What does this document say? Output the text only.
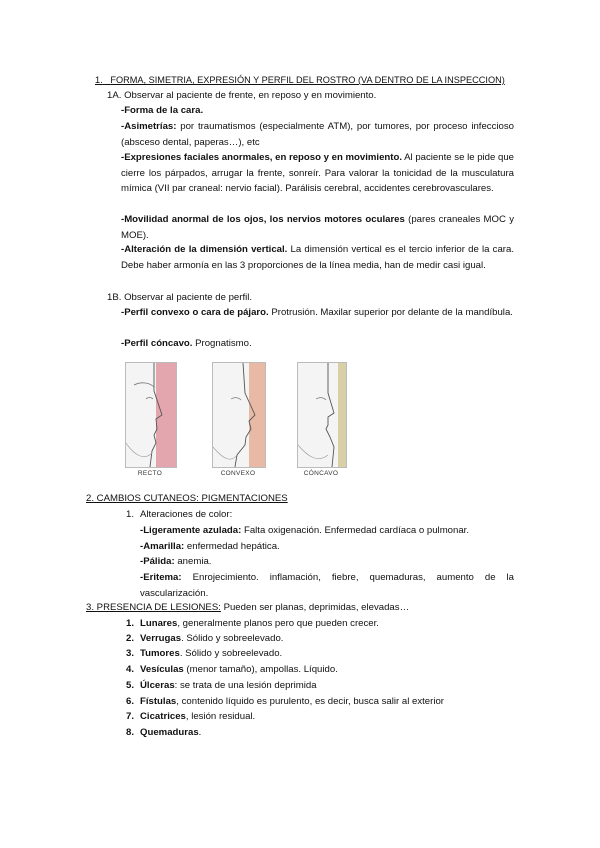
1. FORMA, SIMETRIA, EXPRESIÓN Y PERFIL DEL ROSTRO (VA DENTRO DE LA INSPECCION)
1A. Observar al paciente de frente, en reposo y en movimiento.
-Forma de la cara.
-Asimetrías: por traumatismos (especialmente ATM), por tumores, por proceso infeccioso (absceso dental, paperas…), etc
-Expresiones faciales anormales, en reposo y en movimiento. Al paciente se le pide que cierre los párpados, arrugar la frente, sonreír. Para valorar la tonicidad de la musculatura mímica (VII par craneal: nervio facial). Parálisis cerebral, accidentes cerebrovasculares.
-Movilidad anormal de los ojos, los nervios motores oculares (pares craneales MOC y MOE).
-Alteración de la dimensión vertical. La dimensión vertical es el tercio inferior de la cara. Debe haber armonía en las 3 proporciones de la línea media, han de medir casi igual.
1B. Observar al paciente de perfil.
-Perfil convexo o cara de pájaro. Protrusión. Maxilar superior por delante de la mandíbula.
-Perfil cóncavo. Prognatismo.
RECTO	CONVEXO	CÓNCAVO
2. CAMBIOS CUTANEOS: PIGMENTACIONES
1. Alteraciones de color:
-Ligeramente azulada: Falta oxigenación. Enfermedad cardíaca o pulmonar.
-Amarilla: enfermedad hepática.
-Pálida: anemia.
-Eritema: Enrojecimiento. inflamación, fiebre, quemaduras, aumento de la vascularización.
3. PRESENCIA DE LESIONES: Pueden ser planas, deprimidas, elevadas…
1. Lunares, generalmente planos pero que pueden crecer.
2. Verrugas. Sólido y sobreelevado.
3. Tumores. Sólido y sobreelevado.
4. Vesículas (menor tamaño), ampollas. Líquido.
5. Úlceras: se trata de una lesión deprimida
6. Fístulas, contenido líquido es purulento, es decir, busca salir al exterior
7. Cicatrices, lesión residual.
8. Quemaduras.
